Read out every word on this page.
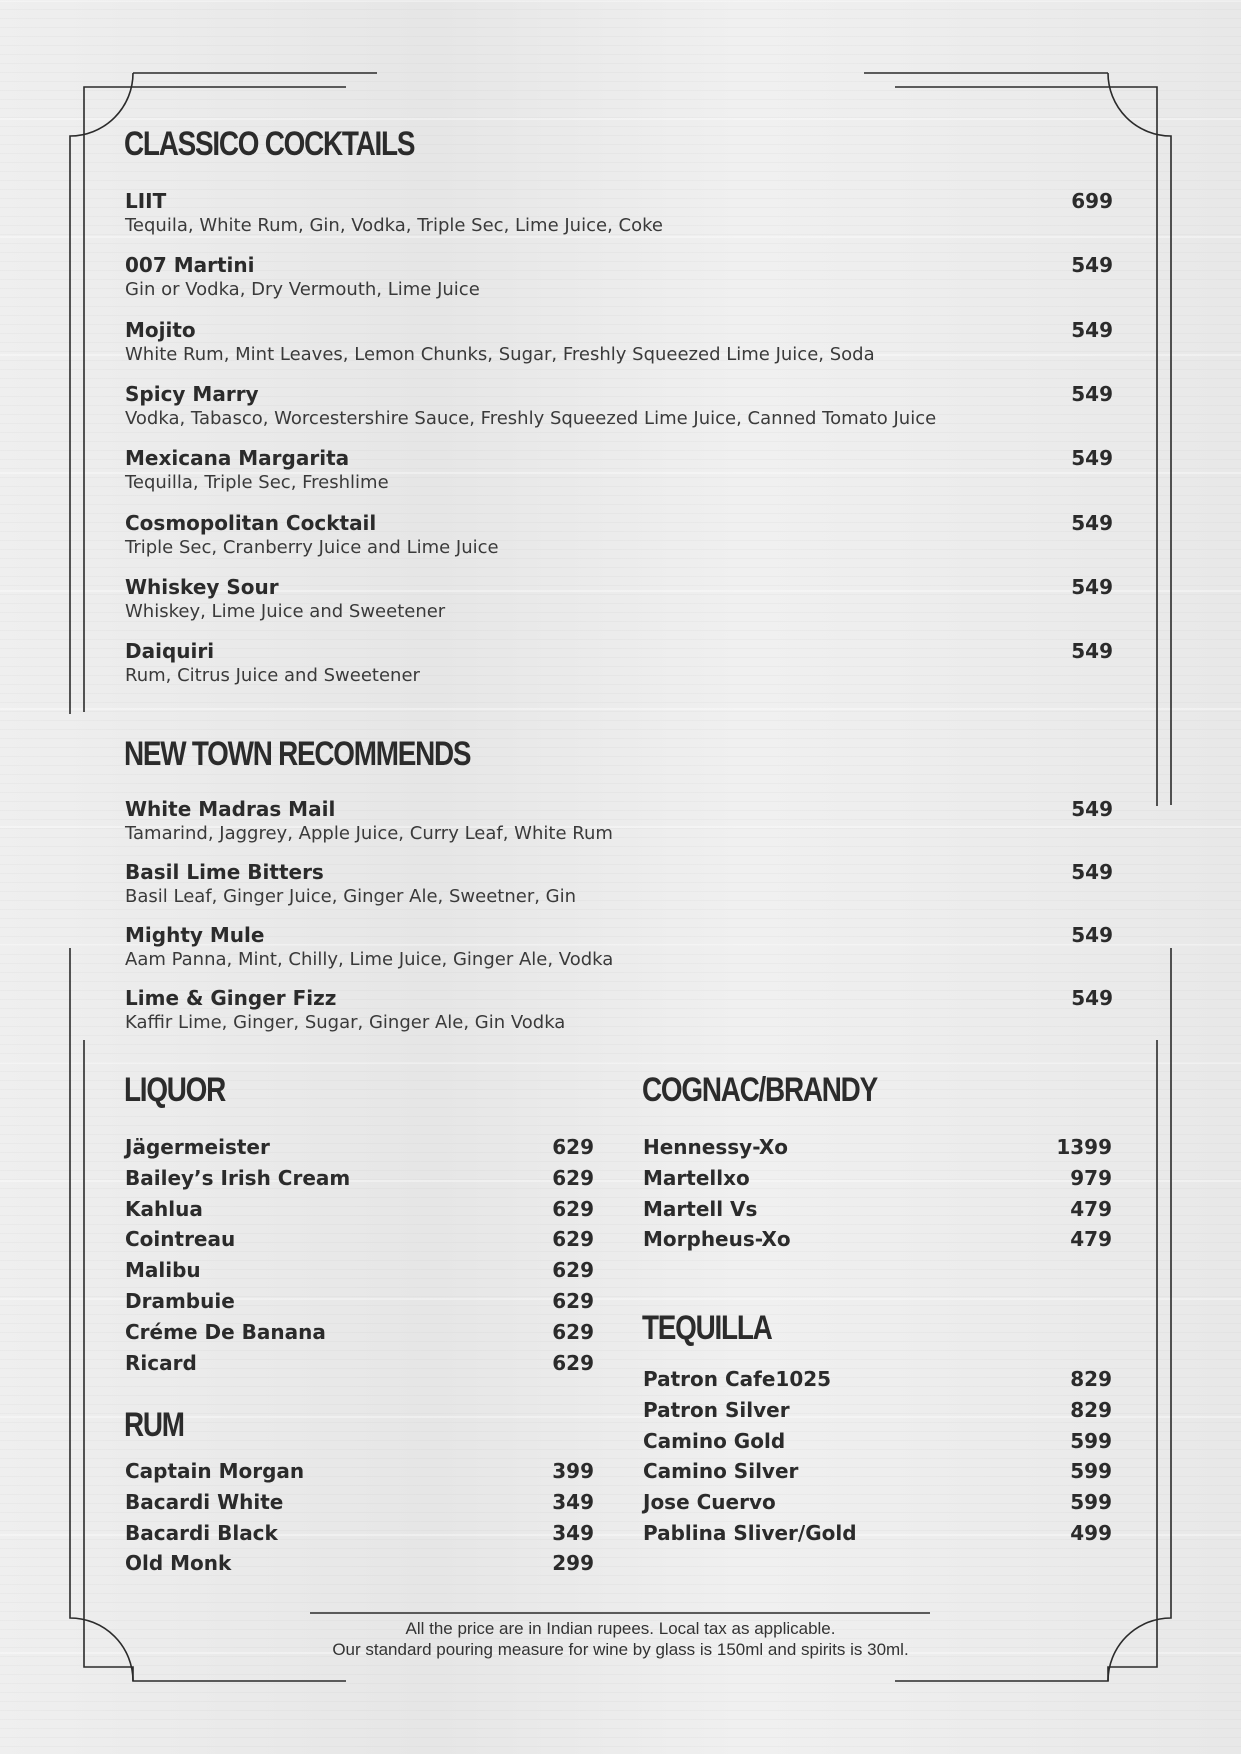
CLASSICO COCKTAILS
LIIT	699
Tequila, White Rum, Gin, Vodka, Triple Sec, Lime Juice, Coke
007 Martini	549
Gin or Vodka, Dry Vermouth, Lime Juice
Mojito	549
White Rum, Mint Leaves, Lemon Chunks, Sugar, Freshly Squeezed Lime Juice, Soda
Spicy Marry	549
Vodka, Tabasco, Worcestershire Sauce, Freshly Squeezed Lime Juice, Canned Tomato Juice
Mexicana Margarita	549
Tequilla, Triple Sec, Freshlime
Cosmopolitan Cocktail	549
Triple Sec, Cranberry Juice and Lime Juice
Whiskey Sour	549
Whiskey, Lime Juice and Sweetener
Daiquiri	549
Rum, Citrus Juice and Sweetener
NEW TOWN RECOMMENDS
White Madras Mail	549
Tamarind, Jaggrey, Apple Juice, Curry Leaf, White Rum
Basil Lime Bitters	549
Basil Leaf, Ginger Juice, Ginger Ale, Sweetner, Gin
Mighty Mule	549
Aam Panna, Mint, Chilly, Lime Juice, Ginger Ale, Vodka
Lime & Ginger Fizz	549
Kaffir Lime, Ginger, Sugar, Ginger Ale, Gin Vodka
LIQUOR
Jägermeister	629
Bailey’s Irish Cream	629
Kahlua	629
Cointreau	629
Malibu	629
Drambuie	629
Créme De Banana	629
Ricard	629
RUM
Captain Morgan	399
Bacardi White	349
Bacardi Black	349
Old Monk	299
COGNAC/BRANDY
Hennessy-Xo	1399
Martellxo	979
Martell Vs	479
Morpheus-Xo	479
TEQUILLA
Patron Cafe1025	829
Patron Silver	829
Camino Gold	599
Camino Silver	599
Jose Cuervo	599
Pablina Sliver/Gold	499
All the price are in Indian rupees. Local tax as applicable.
Our standard pouring measure for wine by glass is 150ml and spirits is 30ml.
